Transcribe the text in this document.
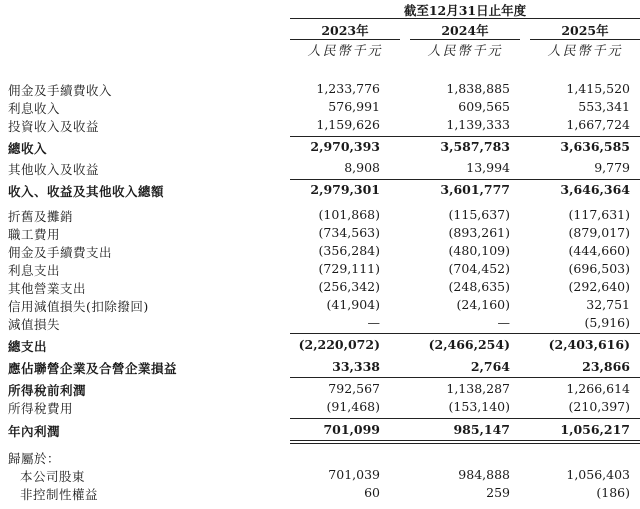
截至12月31日止年度
2023年	2024年	2025年
人民幣千元	人民幣千元	人民幣千元
佣金及手續費收入	1,233,776	1,838,885	1,415,520
利息收入	576,991	609,565	553,341
投資收入及收益	1,159,626	1,139,333	1,667,724
總收入	2,970,393	3,587,783	3,636,585
其他收入及收益	8,908	13,994	9,779
收入、收益及其他收入總額	2,979,301	3,601,777	3,646,364
折舊及攤銷	(101,868)	(115,637)	(117,631)
職工費用	(734,563)	(893,261)	(879,017)
佣金及手續費支出	(356,284)	(480,109)	(444,660)
利息支出	(729,111)	(704,452)	(696,503)
其他營業支出	(256,342)	(248,635)	(292,640)
信用減值損失(扣除撥回)	(41,904)	(24,160)	32,751
減值損失	—	—	(5,916)
總支出	(2,220,072)	(2,466,254)	(2,403,616)
應佔聯營企業及合營企業損益	33,338	2,764	23,866
所得稅前利潤	792,567	1,138,287	1,266,614
所得稅費用	(91,468)	(153,140)	(210,397)
年內利潤	701,099	985,147	1,056,217
歸屬於：
本公司股東	701,039	984,888	1,056,403
非控制性權益	60	259	(186)
